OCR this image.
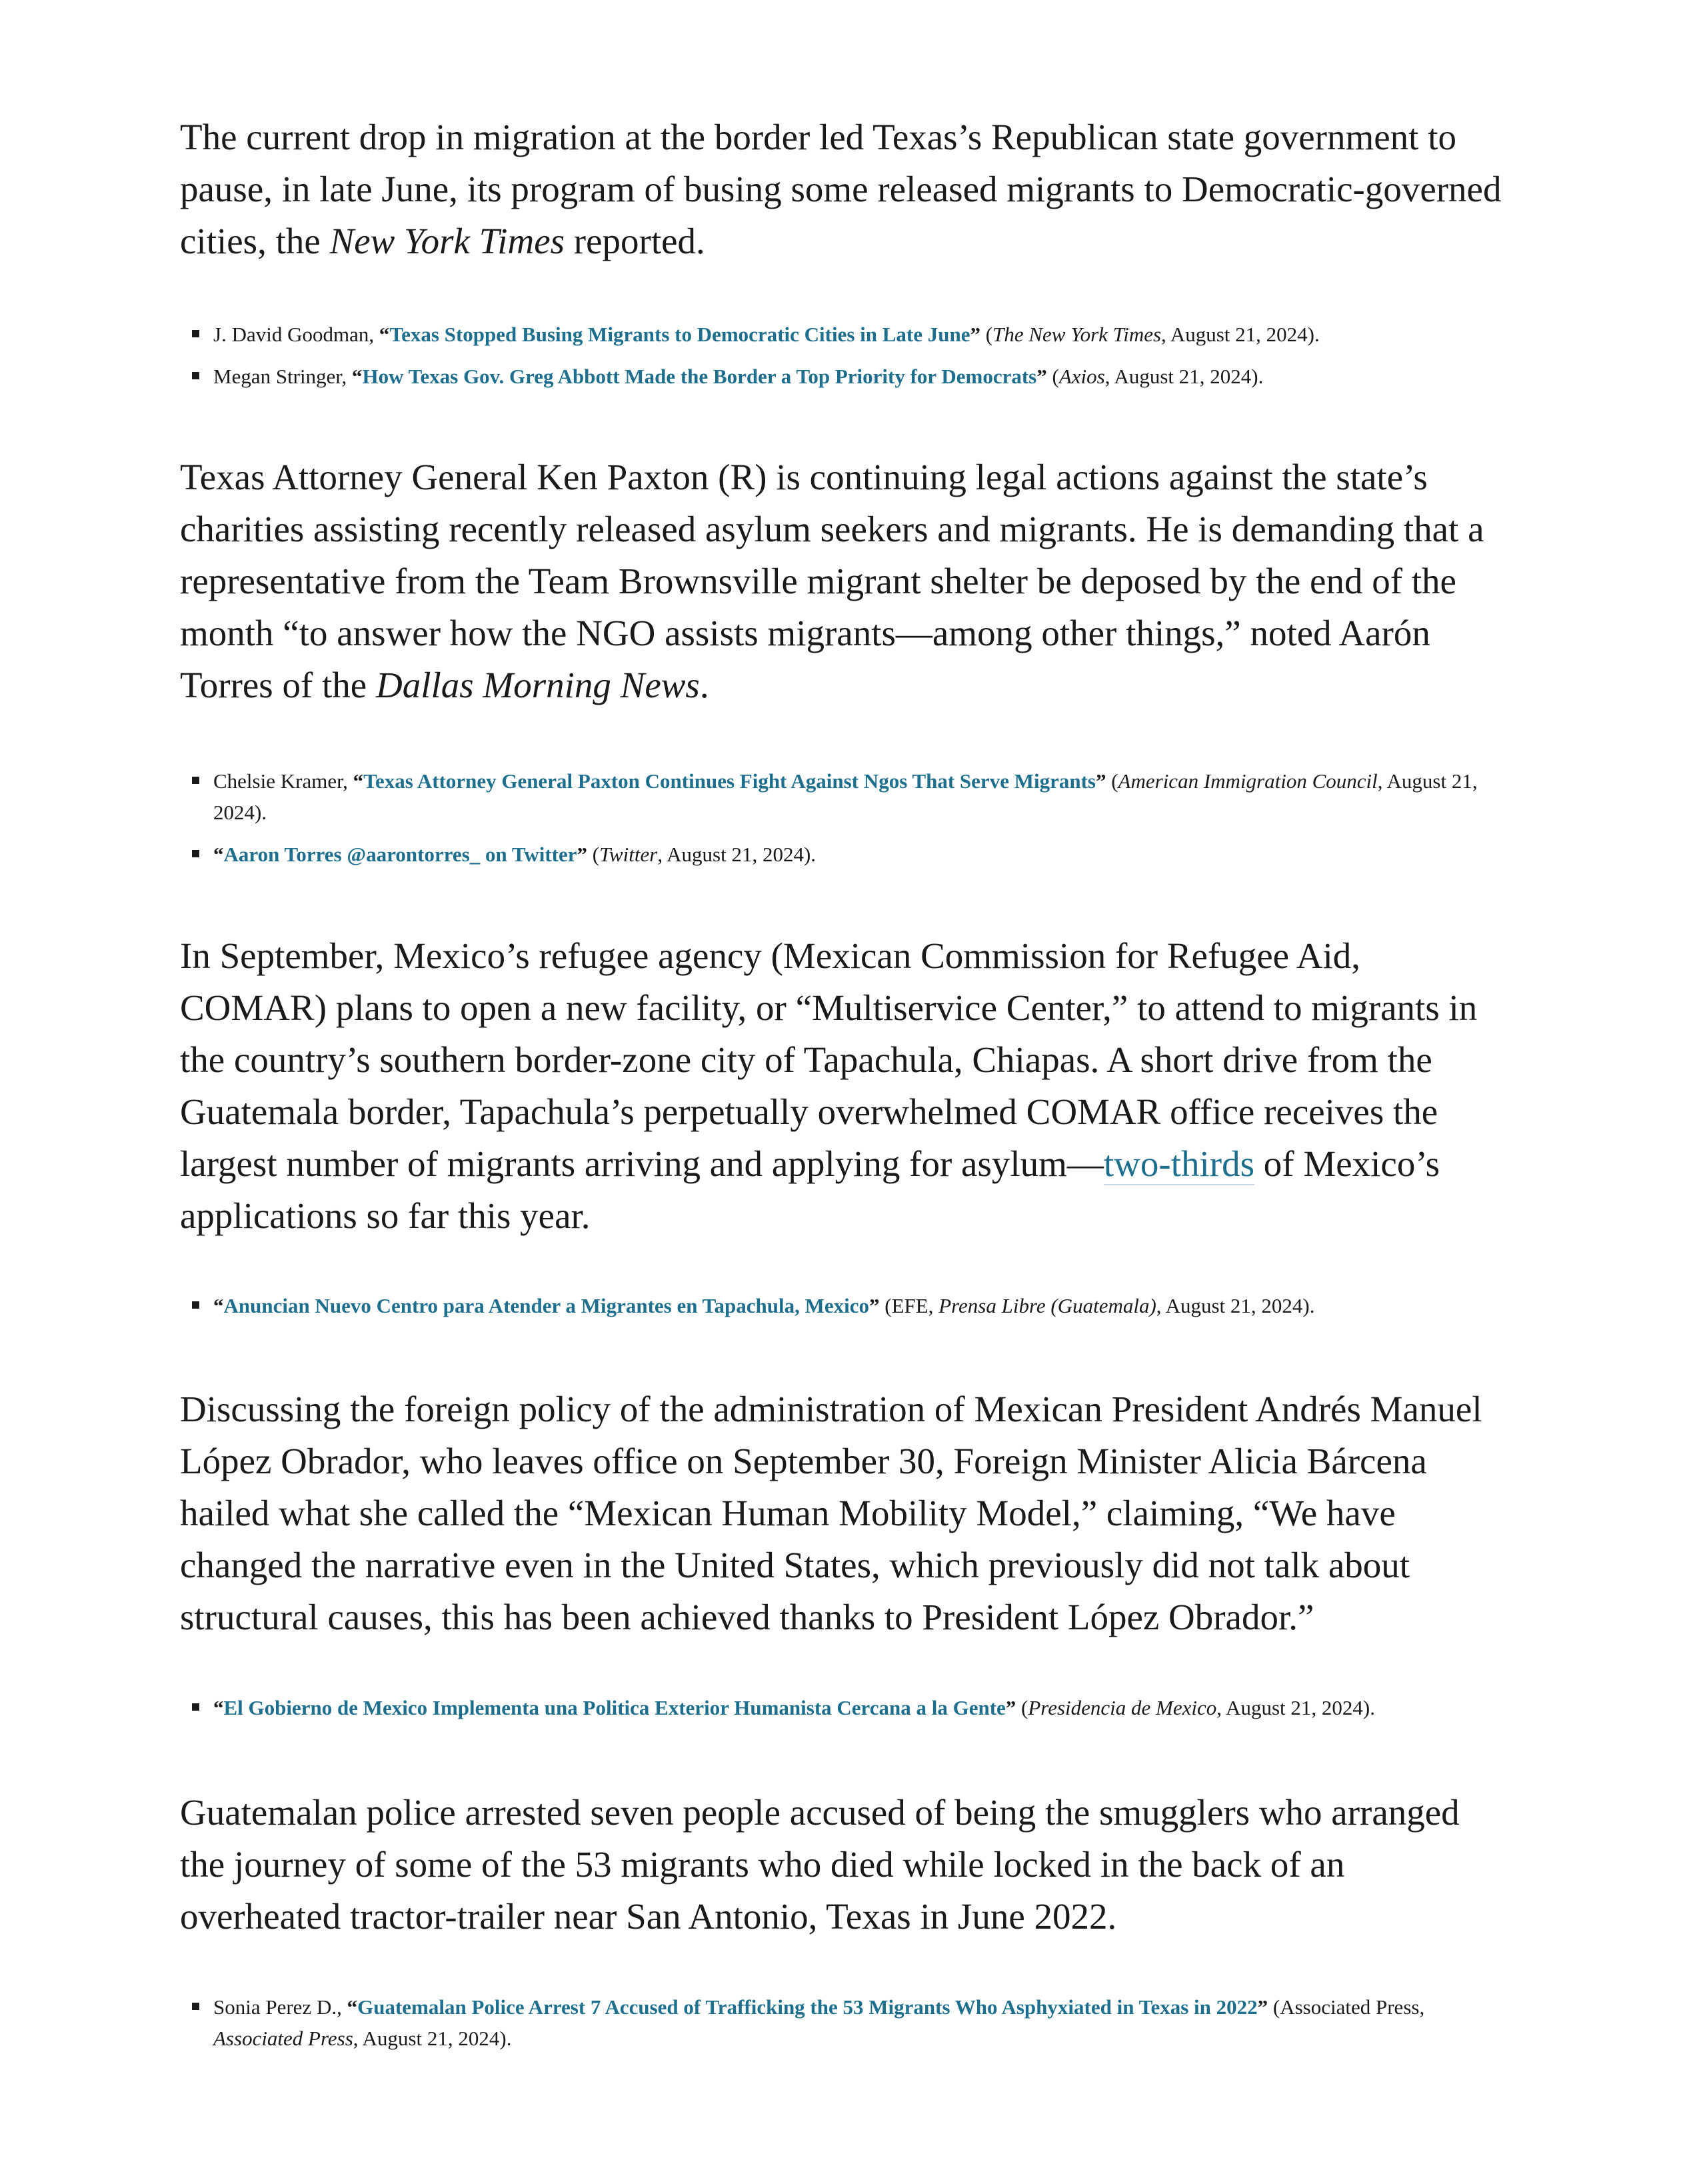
The current drop in migration at the border led Texas’s Republican state government to pause, in late June, its program of busing some released migrants to Democratic-governed cities, the New York Times reported.

J. David Goodman, “Texas Stopped Busing Migrants to Democratic Cities in Late June” (The New York Times, August 21, 2024).
Megan Stringer, “How Texas Gov. Greg Abbott Made the Border a Top Priority for Democrats” (Axios, August 21, 2024).

Texas Attorney General Ken Paxton (R) is continuing legal actions against the state’s charities assisting recently released asylum seekers and migrants. He is demanding that a representative from the Team Brownsville migrant shelter be deposed by the end of the month “to answer how the NGO assists migrants—among other things,” noted Aarón Torres of the Dallas Morning News.

Chelsie Kramer, “Texas Attorney General Paxton Continues Fight Against Ngos That Serve Migrants” (American Immigration Council, August 21, 2024).
“Aaron Torres @aarontorres_ on Twitter” (Twitter, August 21, 2024).

In September, Mexico’s refugee agency (Mexican Commission for Refugee Aid, COMAR) plans to open a new facility, or “Multiservice Center,” to attend to migrants in the country’s southern border-zone city of Tapachula, Chiapas. A short drive from the Guatemala border, Tapachula’s perpetually overwhelmed COMAR office receives the largest number of migrants arriving and applying for asylum—two-thirds of Mexico’s applications so far this year.

“Anuncian Nuevo Centro para Atender a Migrantes en Tapachula, Mexico” (EFE, Prensa Libre (Guatemala), August 21, 2024).

Discussing the foreign policy of the administration of Mexican President Andrés Manuel López Obrador, who leaves office on September 30, Foreign Minister Alicia Bárcena hailed what she called the “Mexican Human Mobility Model,” claiming, “We have changed the narrative even in the United States, which previously did not talk about structural causes, this has been achieved thanks to President López Obrador.”

“El Gobierno de Mexico Implementa una Politica Exterior Humanista Cercana a la Gente” (Presidencia de Mexico, August 21, 2024).

Guatemalan police arrested seven people accused of being the smugglers who arranged the journey of some of the 53 migrants who died while locked in the back of an overheated tractor-trailer near San Antonio, Texas in June 2022.

Sonia Perez D., “Guatemalan Police Arrest 7 Accused of Trafficking the 53 Migrants Who Asphyxiated in Texas in 2022” (Associated Press, Associated Press, August 21, 2024).
